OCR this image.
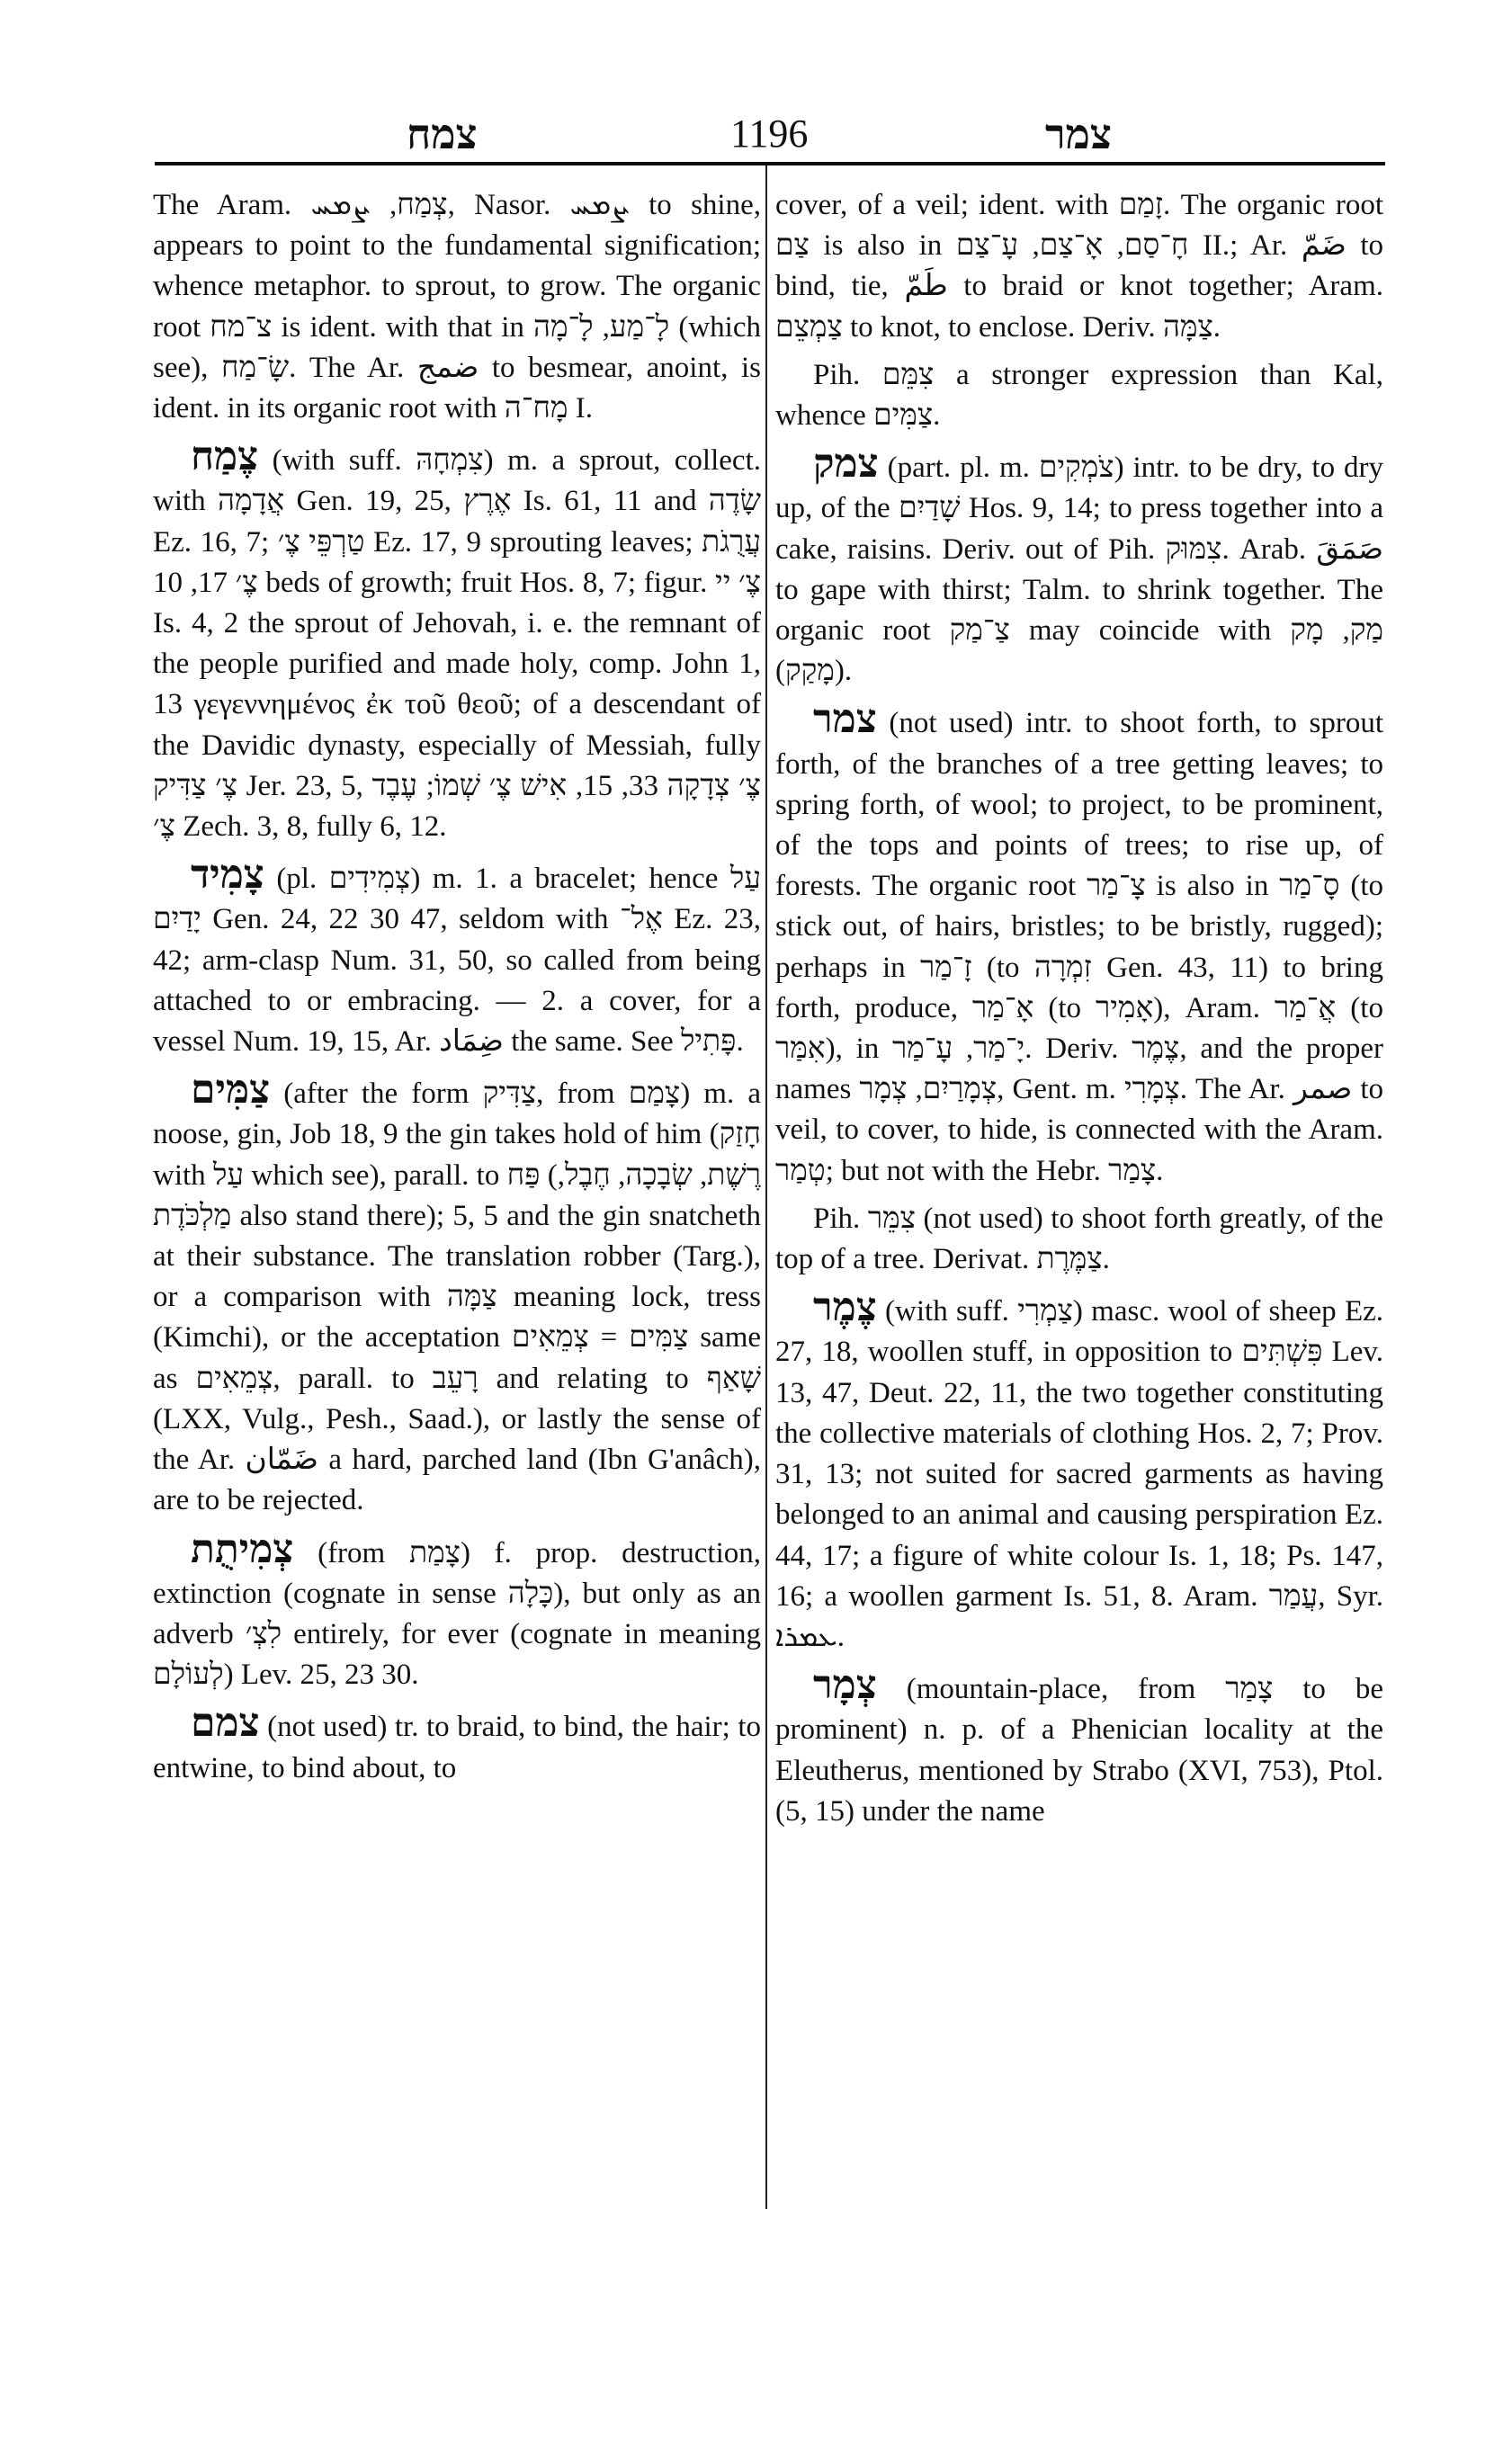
צמח	1196	צמר

The Aram. צְמַח, ܨܡܚ, Nasor. ܨܡܚ to shine, appears to point to the fundamental signification; whence metaphor. to sprout, to grow. The organic root צ־מח is ident. with that in לָ־מַע, לָ־מָה (which see), שָׂ־מַח. The Ar. ضمج to besmear, anoint, is ident. in its organic root with מָח־ה I.

צֶמַח (with suff. צִמְחָהּ) m. a sprout, collect. with אֲדָמָה Gen. 19, 25, אֶרֶץ Is. 61, 11 and שָׂדֶה Ez. 16, 7; טַרְפֵּי צֶ׳ Ez. 17, 9 sprouting leaves; עֲרֻגֹת צֶ׳ 17, 10 beds of growth; fruit Hos. 8, 7; figur. צֶ׳ יי Is. 4, 2 the sprout of Jehovah, i. e. the remnant of the people purified and made holy, comp. John 1, 13 γεγεννημένος ἐκ τοῦ θεοῦ; of a descendant of the Davidic dynasty, especially of Messiah, fully צֶ׳ צַדִּיק Jer. 23, 5, צֶ׳ צְדָקָה 33, 15, אִישׁ צֶ׳ שְׁמוֹ; עֶבֶד צֶ׳ Zech. 3, 8, fully 6, 12.

צָמִיד (pl. צְמִידִים) m. 1. a bracelet; hence עַל יָדַיִם Gen. 24, 22 30 47, seldom with אֶל־ Ez. 23, 42; arm-clasp Num. 31, 50, so called from being attached to or embracing. — 2. a cover, for a vessel Num. 19, 15, Ar. ضِمَاد the same. See פָּתִיל.

צַמִּים (after the form צַדִּיק, from צָמַם) m. a noose, gin, Job 18, 9 the gin takes hold of him (חָזַק with עַל which see), parall. to פַּח (רֶשֶׁת, שְׂבָכָה, חֶבֶל, מַלְכֹּדֶת also stand there); 5, 5 and the gin snatcheth at their substance. The translation robber (Targ.), or a comparison with צַמָּה meaning lock, tress (Kimchi), or the acceptation צַמִּים = צְמֵאִים same as צְמֵאִים, parall. to רָעֵב and relating to שָׁאַף (LXX, Vulg., Pesh., Saad.), or lastly the sense of the Ar. ضَمّان a hard, parched land (Ibn G'anâch), are to be rejected.

צְמִיתֻת (from צָמַת) f. prop. destruction, extinction (cognate in sense כָּלָה), but only as an adverb לִצְ׳ entirely, for ever (cognate in meaning לְעוֹלָם) Lev. 25, 23 30.

צמם (not used) tr. to braid, to bind, the hair; to entwine, to bind about, to

cover, of a veil; ident. with זָמַם. The organic root צַם is also in חָ־סַם, אָ־צַם, עָ־צַם II.; Ar. ضَمّ to bind, tie, طَمّ to braid or knot together; Aram. צַמְצֵם to knot, to enclose. Deriv. צַמָּה.

Pih. צִמֵּם a stronger expression than Kal, whence צַמִּים.

צמק (part. pl. m. צֹמְקִים) intr. to be dry, to dry up, of the שָׁדַיִם Hos. 9, 14; to press together into a cake, raisins. Deriv. out of Pih. צִמּוּק. Arab. صَمَقَ to gape with thirst; Talm. to shrink together. The organic root צַ־מַק may coincide with מַק, מָק (מָקַק).

צמר (not used) intr. to shoot forth, to sprout forth, of the branches of a tree getting leaves; to spring forth, of wool; to project, to be prominent, of the tops and points of trees; to rise up, of forests. The organic root צָ־מַר is also in סָ־מַר (to stick out, of hairs, bristles; to be bristly, rugged); perhaps in זָ־מַר (to זִמְרָה Gen. 43, 11) to bring forth, produce, אָ־מַר (to אָמִיר), Aram. אֲ־מַר (to אִמַּר), in יָ־מַר, עָ־מַר. Deriv. צֶמֶר, and the proper names צְמָרַיִם, צְמָר, Gent. m. צְמָרִי. The Ar. صمر to veil, to cover, to hide, is connected with the Aram. טְמַר; but not with the Hebr. צָמַר.

Pih. צִמֵּר (not used) to shoot forth greatly, of the top of a tree. Derivat. צַמֶּרֶת.

צֶמֶר (with suff. צַמְרִי) masc. wool of sheep Ez. 27, 18, woollen stuff, in opposition to פִּשְׁתִּים Lev. 13, 47, Deut. 22, 11, the two together constituting the collective materials of clothing Hos. 2, 7; Prov. 31, 13; not suited for sacred garments as having belonged to an animal and causing perspiration Ez. 44, 17; a figure of white colour Is. 1, 18; Ps. 147, 16; a woollen garment Is. 51, 8. Aram. עֲמַר, Syr. ܥܡܪܐ.

צְמָר (mountain-place, from צָמַר to be prominent) n. p. of a Phenician locality at the Eleutherus, mentioned by Strabo (XVI, 753), Ptol. (5, 15) under the name
